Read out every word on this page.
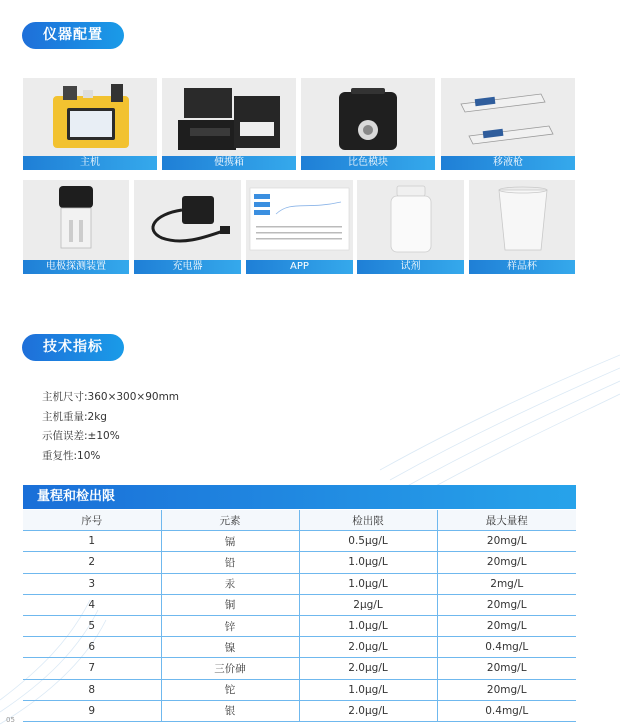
仪器配置
主机	便携箱	比色模块	移液枪
电极探测装置	充电器	APP	试剂	样品杯
技术指标
主机尺寸:360×300×90mm
主机重量:2kg
示值误差:±10%
重复性:10%
量程和检出限
序号	元素	检出限	最大量程
1	镉	0.5μg/L	20mg/L
2	铅	1.0μg/L	20mg/L
3	汞	1.0μg/L	2mg/L
4	铜	2μg/L	20mg/L
5	锌	1.0μg/L	20mg/L
6	镍	2.0μg/L	0.4mg/L
7	三价砷	2.0μg/L	20mg/L
8	铊	1.0μg/L	20mg/L
9	银	2.0μg/L	0.4mg/L
05
